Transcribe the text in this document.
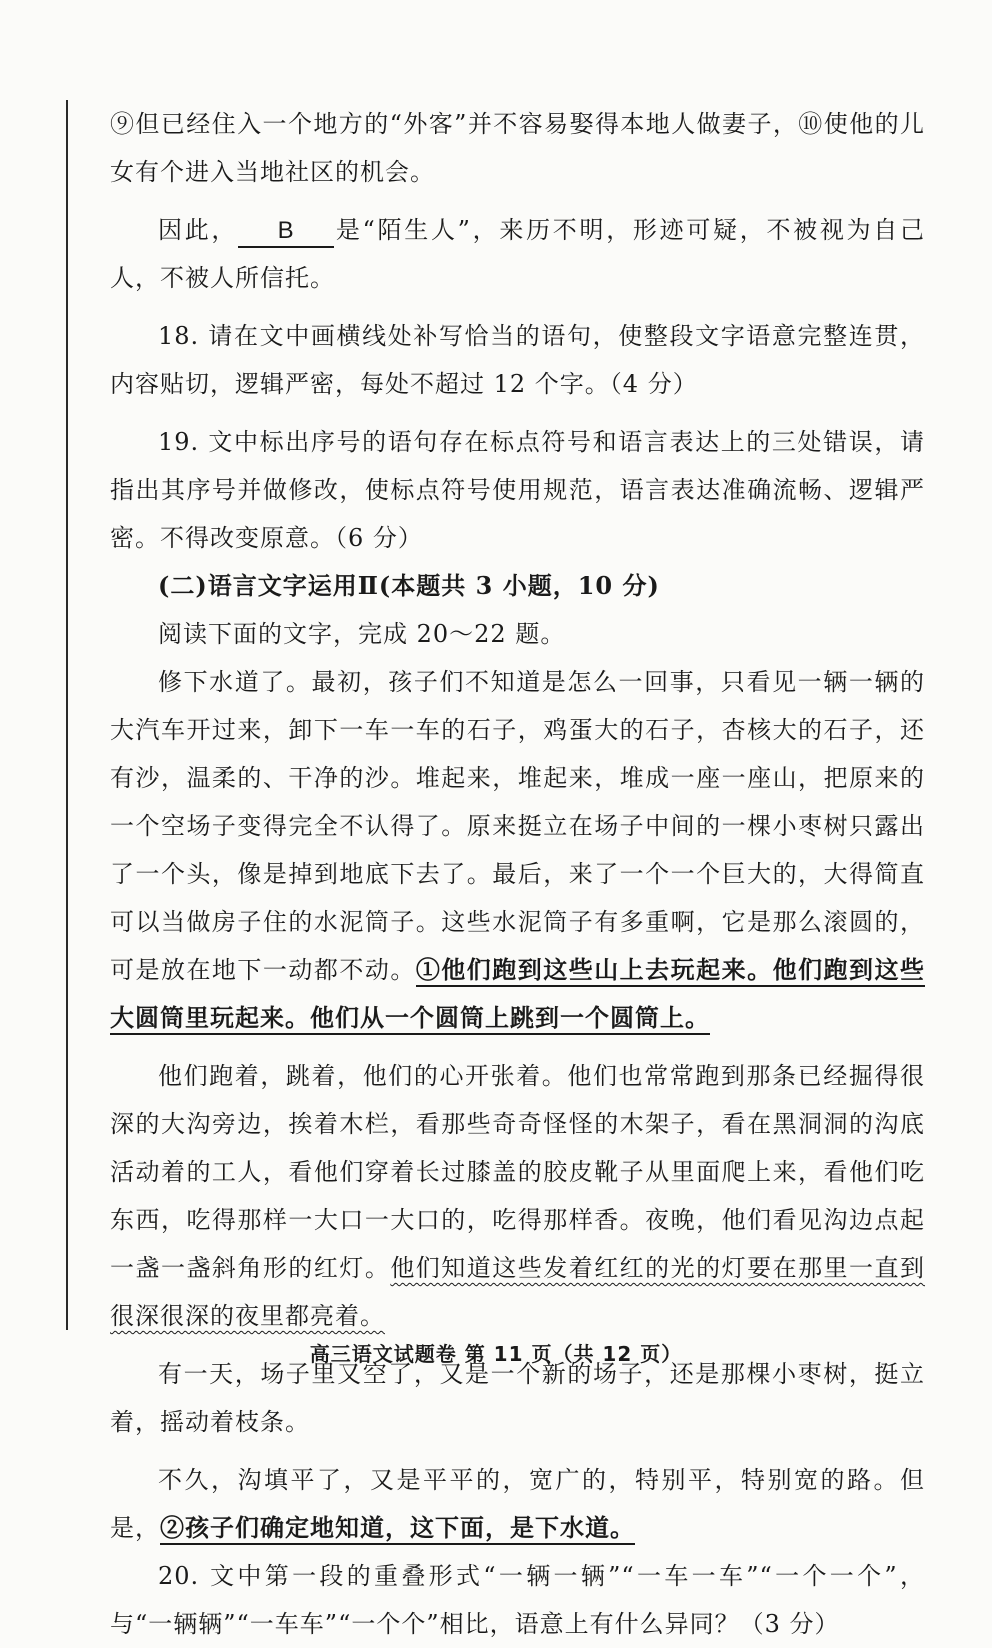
⑨但已经住入一个地方的“外客”并不容易娶得本地人做妻子，⑩使他的儿女有个进入当地社区的机会。

因此， B 是“陌生人”，来历不明，形迹可疑，不被视为自己人，不被人所信托。

18. 请在文中画横线处补写恰当的语句，使整段文字语意完整连贯，内容贴切，逻辑严密，每处不超过 12 个字。（4 分）

19. 文中标出序号的语句存在标点符号和语言表达上的三处错误，请指出其序号并做修改，使标点符号使用规范，语言表达准确流畅、逻辑严密。不得改变原意。（6 分）

(二)语言文字运用Ⅱ(本题共 3 小题，10 分)

阅读下面的文字，完成 20～22 题。

修下水道了。最初，孩子们不知道是怎么一回事，只看见一辆一辆的大汽车开过来，卸下一车一车的石子，鸡蛋大的石子，杏核大的石子，还有沙，温柔的、干净的沙。堆起来，堆起来，堆成一座一座山，把原来的一个空场子变得完全不认得了。原来挺立在场子中间的一棵小枣树只露出了一个头，像是掉到地底下去了。最后，来了一个一个巨大的，大得简直可以当做房子住的水泥筒子。这些水泥筒子有多重啊，它是那么滚圆的，可是放在地下一动都不动。①他们跑到这些山上去玩起来。他们跑到这些大圆筒里玩起来。他们从一个圆筒上跳到一个圆筒上。

他们跑着，跳着，他们的心开张着。他们也常常跑到那条已经掘得很深的大沟旁边，挨着木栏，看那些奇奇怪怪的木架子，看在黑洞洞的沟底活动着的工人，看他们穿着长过膝盖的胶皮靴子从里面爬上来，看他们吃东西，吃得那样一大口一大口的，吃得那样香。夜晚，他们看见沟边点起一盏一盏斜角形的红灯。他们知道这些发着红红的光的灯要在那里一直到很深很深的夜里都亮着。

有一天，场子里又空了，又是一个新的场子，还是那棵小枣树，挺立着，摇动着枝条。

不久，沟填平了，又是平平的，宽广的，特别平，特别宽的路。但是，②孩子们确定地知道，这下面，是下水道。

20. 文中第一段的重叠形式“一辆一辆”“一车一车”“一个一个”，与“一辆辆”“一车车”“一个个”相比，语意上有什么异同？（3 分）

高三语文试题卷 第 11 页（共 12 页）
